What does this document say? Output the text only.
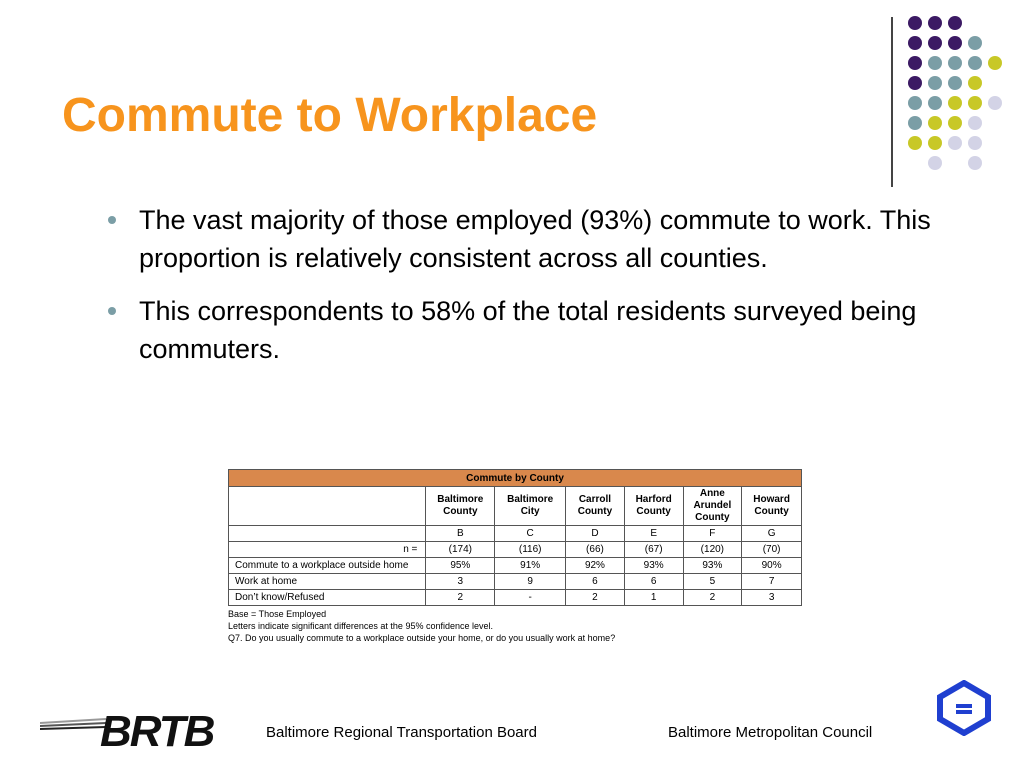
Commute to Workplace
The vast majority of those employed (93%) commute to work. This proportion is relatively consistent across all counties.
This correspondents to 58% of the total residents surveyed being commuters.
Commute by County						
	Baltimore County	Baltimore City	Carroll County	Harford County	Anne Arundel County	Howard County
	B	C	D	E	F	G
n =	(174)	(116)	(66)	(67)	(120)	(70)
Commute to a workplace outside home	95%	91%	92%	93%	93%	90%
Work at home	3	9	6	6	5	7
Don’t know/Refused	2	-	2	1	2	3
Base = Those Employed
Letters indicate significant differences at the 95% confidence level.
Q7. Do you usually commute to a workplace outside your home, or do you usually work at home?
BRTB	Baltimore Regional Transportation Board	Baltimore Metropolitan Council
